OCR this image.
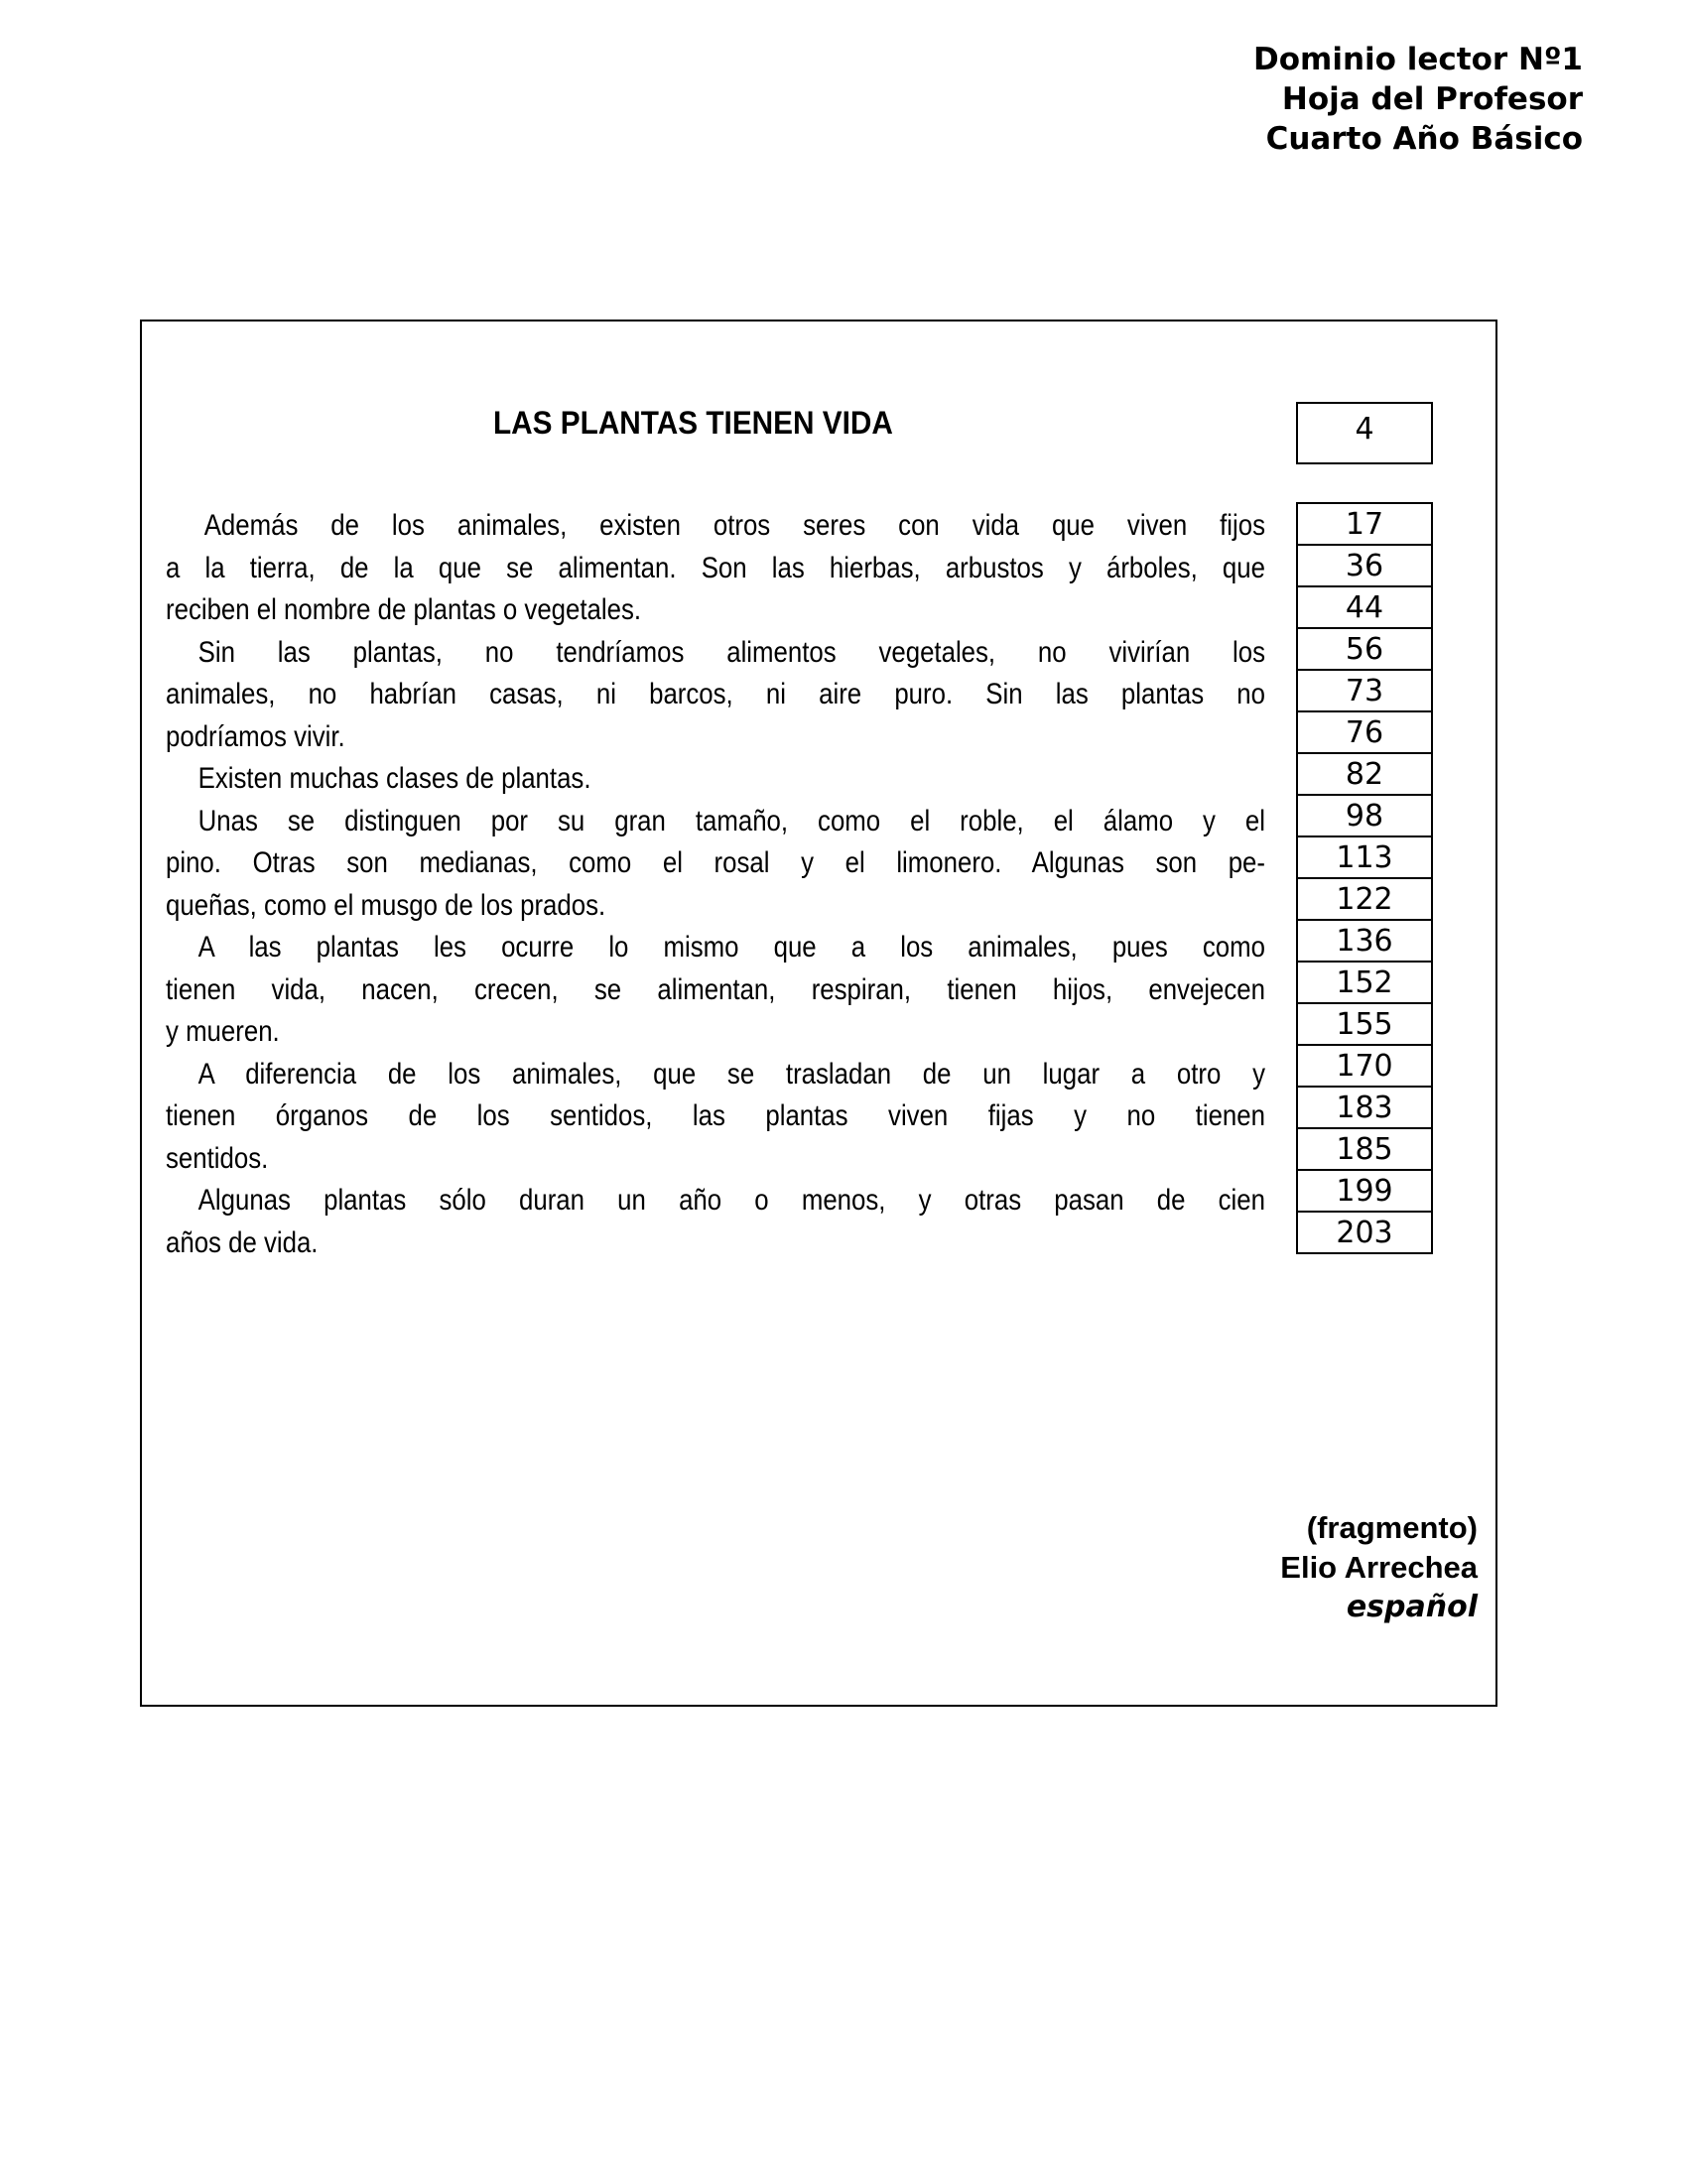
Dominio lector Nº1
Hoja del Profesor
Cuarto Año Básico
LAS PLANTAS TIENEN VIDA	4
Además de los animales, existen otros seres con vida que viven fijos
a la tierra, de la que se alimentan. Son las hierbas, arbustos y árboles, que
reciben el nombre de plantas o vegetales.
Sin las plantas, no tendríamos alimentos vegetales, no vivirían los
animales, no habrían casas, ni barcos, ni aire puro. Sin las plantas no
podríamos vivir.
Existen muchas clases de plantas.
Unas se distinguen por su gran tamaño, como el roble, el álamo y el
pino. Otras son medianas, como el rosal y el limonero. Algunas son pe-
queñas, como el musgo de los prados.
A las plantas les ocurre lo mismo que a los animales, pues como
tienen vida, nacen, crecen, se alimentan, respiran, tienen hijos, envejecen
y mueren.
A diferencia de los animales, que se trasladan de un lugar a otro y
tienen órganos de los sentidos, las plantas viven fijas y no tienen
sentidos.
Algunas plantas sólo duran un año o menos, y otras pasan de cien
años de vida.
17
36
44
56
73
76
82
98
113
122
136
152
155
170
183
185
199
203
(fragmento)
Elio Arrechea
español
